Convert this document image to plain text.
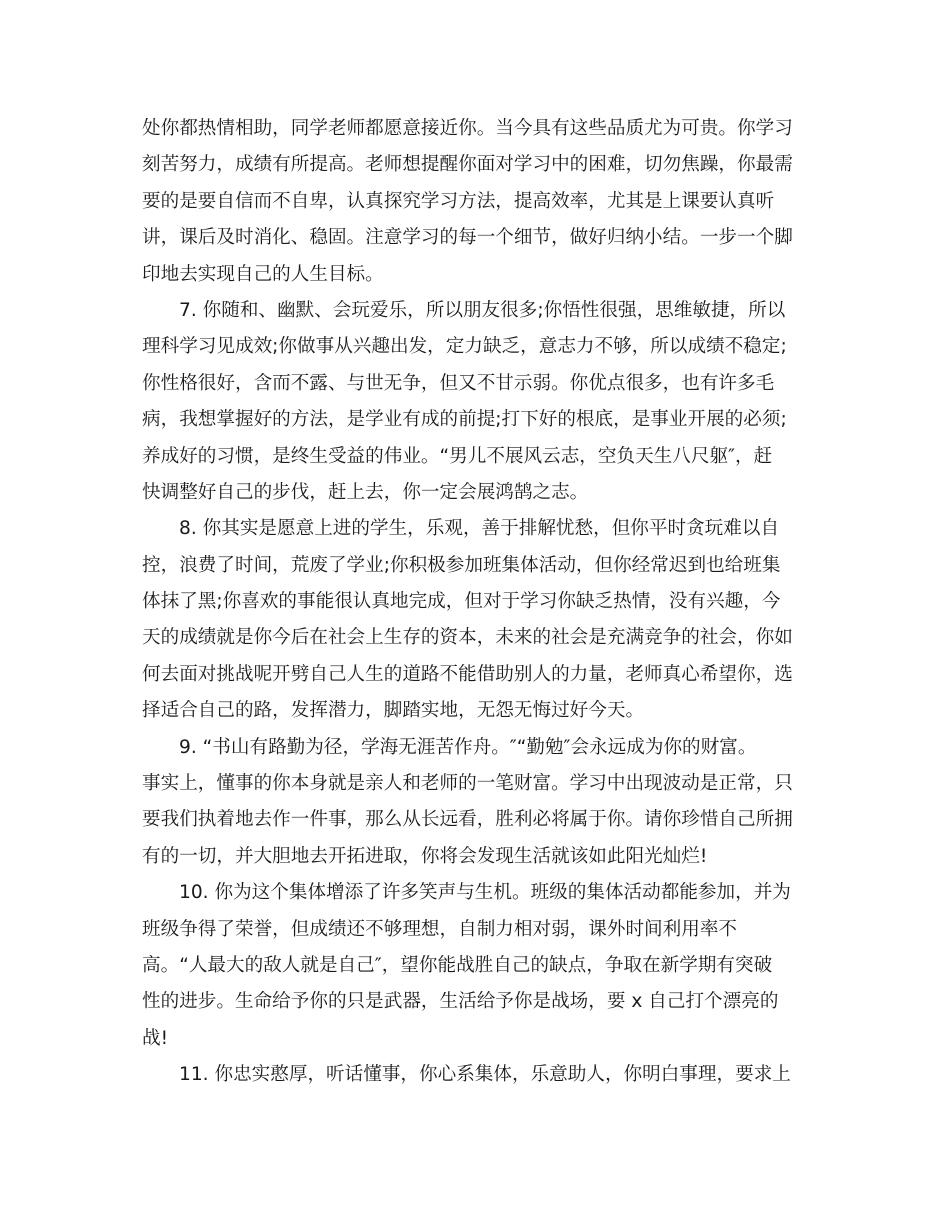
处你都热情相助，同学老师都愿意接近你。当今具有这些品质尤为可贵。你学习
刻苦努力，成绩有所提高。老师想提醒你面对学习中的困难，切勿焦躁，你最需
要的是要自信而不自卑，认真探究学习方法，提高效率，尤其是上课要认真听
讲，课后及时消化、稳固。注意学习的每一个细节，做好归纳小结。一步一个脚
印地去实现自己的人生目标。
7. 你随和、幽默、会玩爱乐，所以朋友很多;你悟性很强，思维敏捷，所以
理科学习见成效;你做事从兴趣出发，定力缺乏，意志力不够，所以成绩不稳定;
你性格很好，含而不露、与世无争，但又不甘示弱。你优点很多，也有许多毛
病，我想掌握好的方法，是学业有成的前提;打下好的根底，是事业开展的必须;
养成好的习惯，是终生受益的伟业。“男儿不展风云志，空负天生八尺躯″，赶
快调整好自己的步伐，赶上去，你一定会展鸿鹄之志。
8. 你其实是愿意上进的学生，乐观，善于排解忧愁，但你平时贪玩难以自
控，浪费了时间，荒废了学业;你积极参加班集体活动，但你经常迟到也给班集
体抹了黑;你喜欢的事能很认真地完成，但对于学习你缺乏热情，没有兴趣，今
天的成绩就是你今后在社会上生存的资本，未来的社会是充满竞争的社会，你如
何去面对挑战呢开劈自己人生的道路不能借助别人的力量，老师真心希望你，选
择适合自己的路，发挥潜力，脚踏实地，无怨无悔过好今天。
9. “书山有路勤为径，学海无涯苦作舟。″“勤勉″会永远成为你的财富。
事实上，懂事的你本身就是亲人和老师的一笔财富。学习中出现波动是正常，只
要我们执着地去作一件事，那么从长远看，胜利必将属于你。请你珍惜自己所拥
有的一切，并大胆地去开拓进取，你将会发现生活就该如此阳光灿烂!
10. 你为这个集体增添了许多笑声与生机。班级的集体活动都能参加，并为
班级争得了荣誉，但成绩还不够理想，自制力相对弱，课外时间利用率不
高。“人最大的敌人就是自己″，望你能战胜自己的缺点，争取在新学期有突破
性的进步。生命给予你的只是武器，生活给予你是战场，要 x 自己打个漂亮的
战!
11. 你忠实憨厚，听话懂事，你心系集体，乐意助人，你明白事理，要求上
